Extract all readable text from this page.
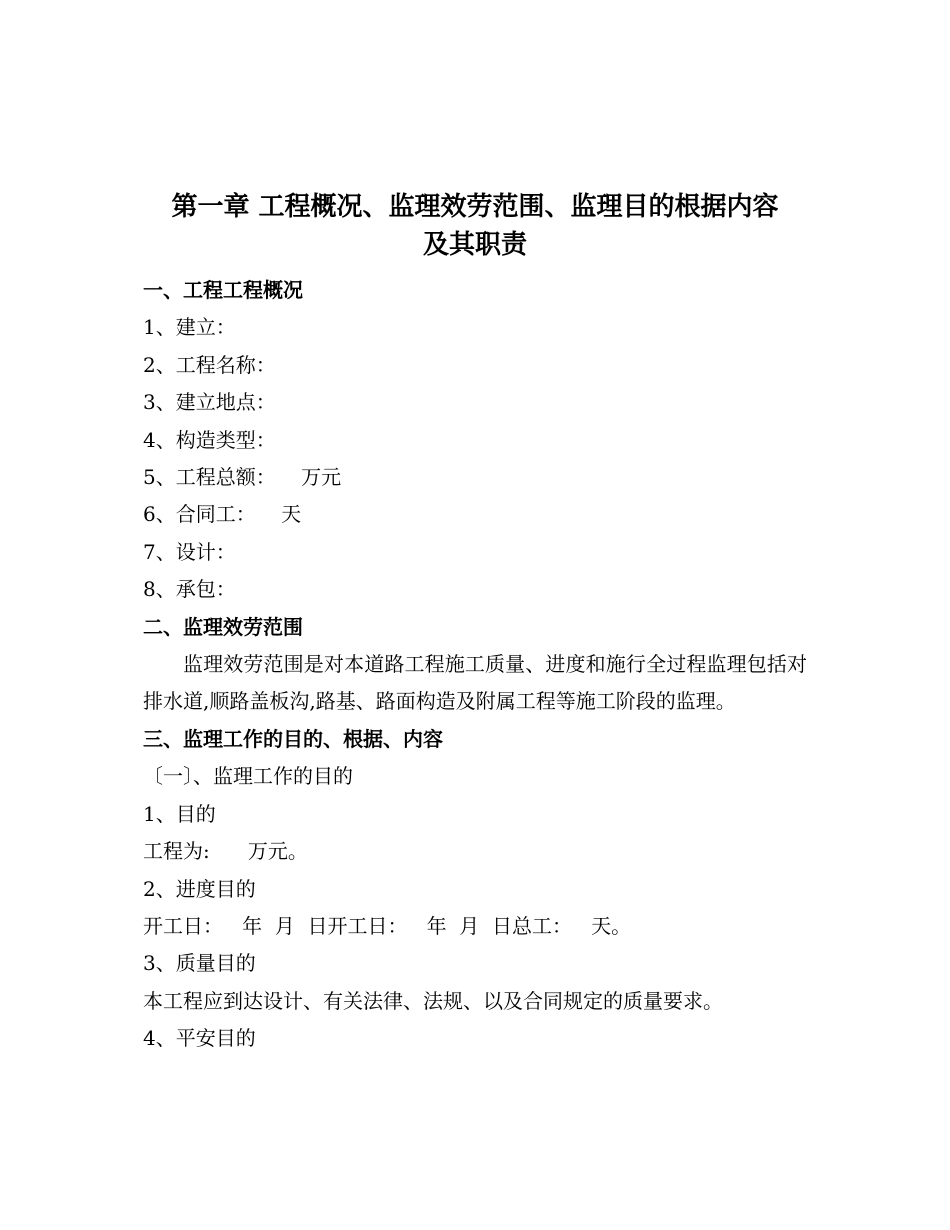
第一章 工程概况、监理效劳范围、监理目的根据内容
及其职责
一、工程工程概况
1、建立：
2、工程名称：
3、建立地点：
4、构造类型：
5、工程总额：    万元
6、合同工：    天
7、设计：
8、承包：
二、监理效劳范围
监理效劳范围是对本道路工程施工质量、进度和施行全过程监理包括对排水道,顺路盖板沟,路基、路面构造及附属工程等施工阶段的监理。
三、监理工作的目的、根据、内容
〔一〕、监理工作的目的
1、目的
工程为:      万元。
2、进度目的
开工日：   年  月  日开工日：   年  月  日总工：   天。
3、质量目的
本工程应到达设计、有关法律、法规、以及合同规定的质量要求。
4、平安目的
